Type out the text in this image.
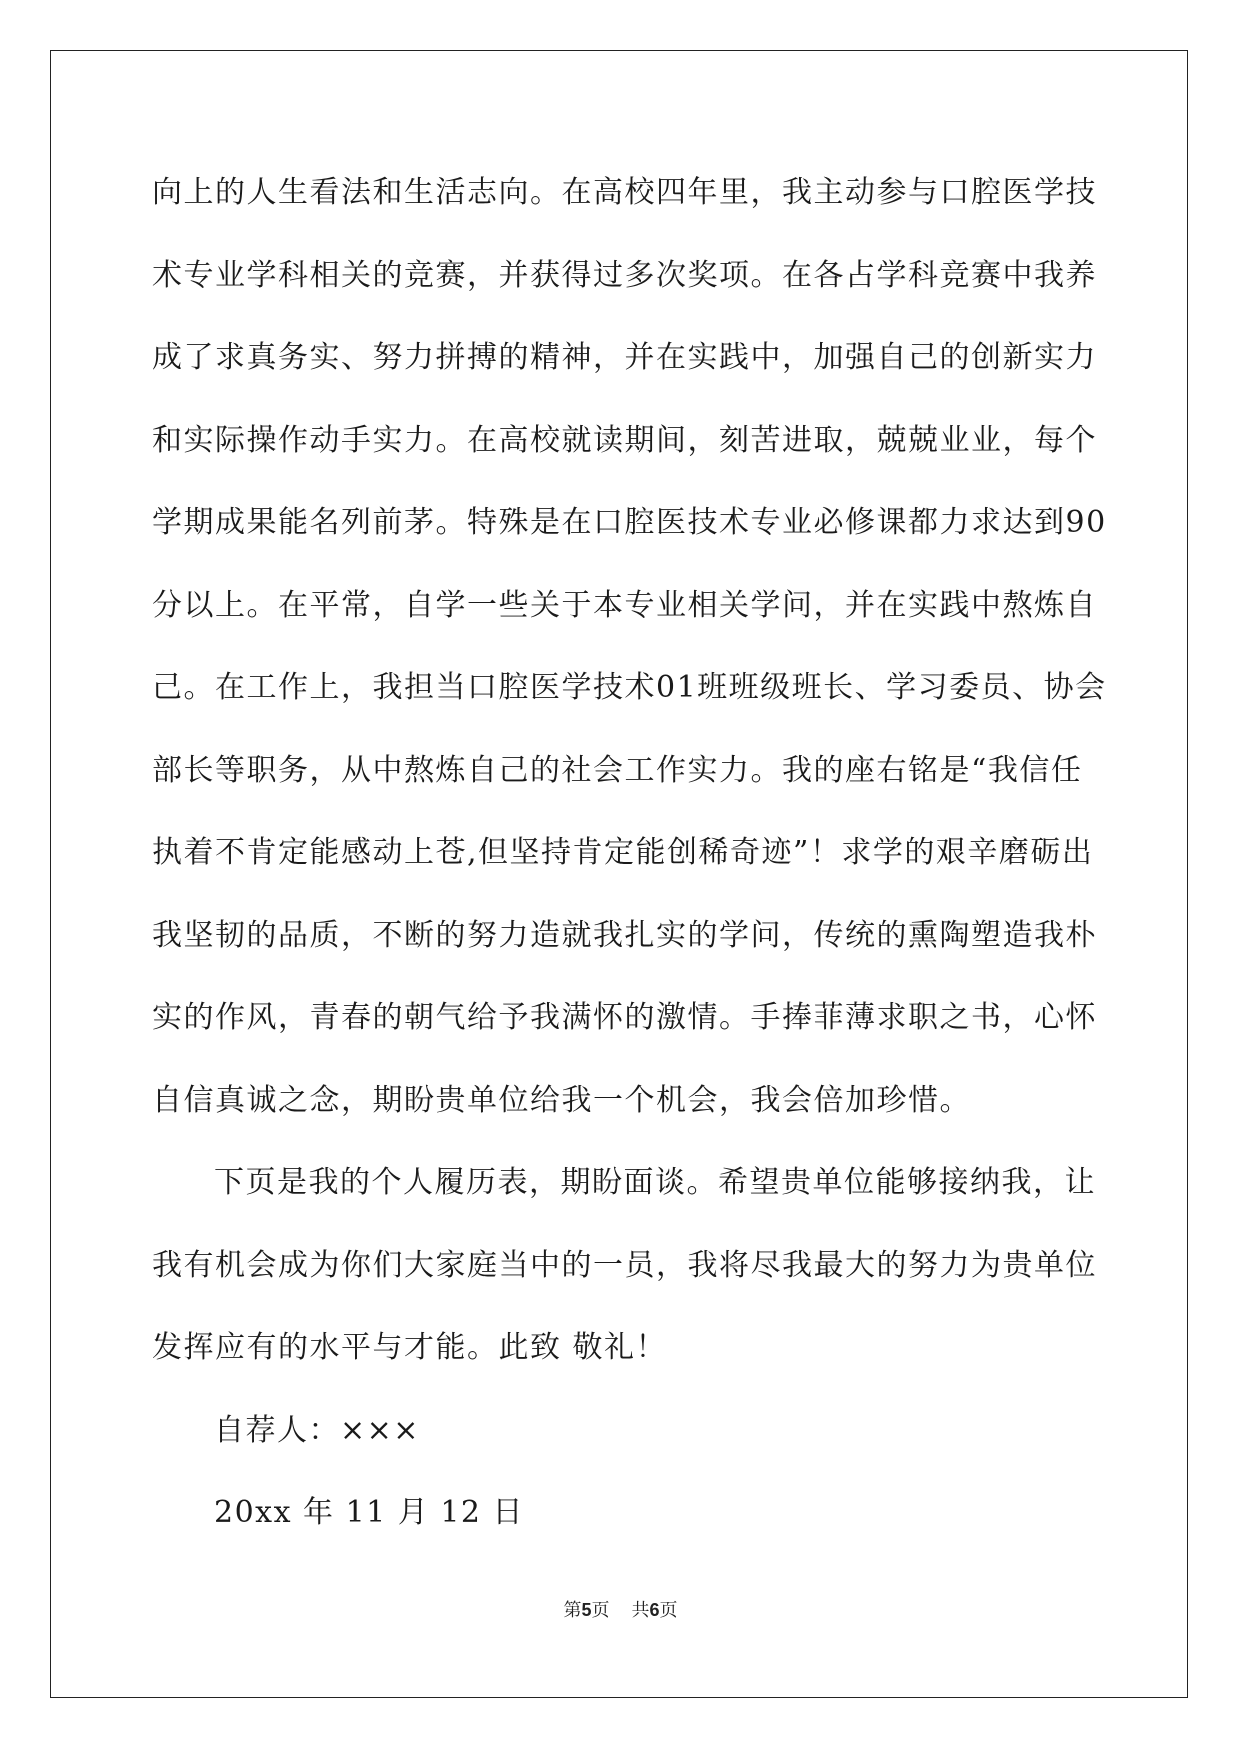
向上的人生看法和生活志向。在高校四年里，我主动参与口腔医学技
术专业学科相关的竞赛，并获得过多次奖项。在各占学科竞赛中我养
成了求真务实、努力拼搏的精神，并在实践中，加强自己的创新实力
和实际操作动手实力。在高校就读期间，刻苦进取，兢兢业业，每个
学期成果能名列前茅。特殊是在口腔医技术专业必修课都力求达到90
分以上。在平常，自学一些关于本专业相关学问，并在实践中熬炼自
己。在工作上，我担当口腔医学技术01班班级班长、学习委员、协会
部长等职务，从中熬炼自己的社会工作实力。我的座右铭是“我信任
执着不肯定能感动上苍,但坚持肯定能创稀奇迹”！求学的艰辛磨砺出
我坚韧的品质，不断的努力造就我扎实的学问，传统的熏陶塑造我朴
实的作风，青春的朝气给予我满怀的激情。手捧菲薄求职之书，心怀
自信真诚之念，期盼贵单位给我一个机会，我会倍加珍惜。
下页是我的个人履历表，期盼面谈。希望贵单位能够接纳我，让
我有机会成为你们大家庭当中的一员，我将尽我最大的努力为贵单位
发挥应有的水平与才能。此致 敬礼！
自荐人：×××
20xx 年 11 月 12 日
第5页 共6页
